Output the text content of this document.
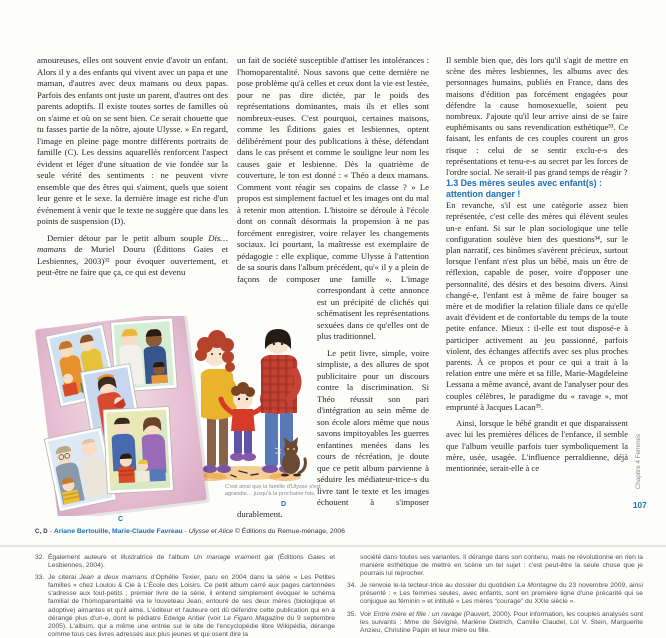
amoureuses, elles ont souvent envie d'avoir un enfant. Alors il y a des enfants qui vivent avec un papa et une maman, d'autres avec deux mamans ou deux papas. Parfois des enfants ont juste un parent, d'autres ont des parents adoptifs. Il existe toutes sortes de familles où on s'aime et où on se sent bien. Ce serait chouette que tu fasses partie de la nôtre, ajoute Ulysse. » En regard, l'image en pleine page montre différents portraits de famille (C). Les dessins aquarellés renforcent l'aspect évident et léger d'une situation de vie fondée sur la seule vérité des sentiments : ne peuvent vivre ensemble que des êtres qui s'aiment, quels que soient leur genre et le sexe. la dernière image est riche d'un événement à venir que le texte ne suggère que dans les points de suspension (D).

Dernier détour par le petit album souple Dis… mamans de Muriel Douru (Éditions Gaies et Lesbiennes, 2003)³² pour évoquer ouvertement, et peut-être ne faire que ça, ce qui est devenu

un fait de société susceptible d'attiser les intolérances : l'homoparentalité. Nous savons que cette dernière ne pose problème qu'à celles et ceux dont la vie est lestée, pour ne pas dire dictée, par le poids des représentations dominantes, mais ils et elles sont nombreux-euses. C'est pourquoi, certaines maisons, comme les Éditions gaies et lesbiennes, optent délibérément pour des publications à thèse, défendant dans le cas présent et comme le souligne leur nom les causes gaie et lesbienne. Dès la quatrième de couverture, le ton est donné : « Théo a deux mamans. Comment vont réagir ses copains de classe ? » Le propos est simplement factuel et les images ont du mal à retenir mon attention. L'histoire se déroule à l'école dont on connaît désormais la propension à ne pas forcément enregistrer, voire relayer les changements sociaux. Ici pourtant, la maîtresse est exemplaire de pédagogie : elle explique, comme Ulysse à l'attention de sa souris dans l'album précédent, qu'« il y a plein de façons de composer une famille ».
C'est ainsi que la famille d'Ulysse s'est agrandie… jusqu'à la prochaine fois.
D
L'image correspondant à cette annonce est un précipité de clichés qui schématisent les représentations sexuées dans ce qu'elles ont de plus traditionnel.

Le petit livre, simple, voire simpliste, a des allures de spot publicitaire pour un discours contre la discrimination. Si Théo réussit son pari d'intégration au sein même de son école alors même que nous savons impitoyables les guerres enfantines menées dans les cours de récréation, je doute que ce petit album parvienne à séduire les médiateur-trice-s du livre tant le texte et les images échouent à s'imposer durablement.

Il semble bien que, dès lors qu'il s'agit de mettre en scène des mères lesbiennes, les albums avec des personnages humains, publiés en France, dans des maisons d'édition pas forcément engagées pour défendre la cause homosexuelle, soient peu nombreux. J'ajoute qu'il leur arrive ainsi de se faire euphémisants ou sans revendication esthétique³³. Ce faisant, les enfants de ces couples courent un gros risque : celui de se sentir exclu-e-s des représentations et tenu-e-s au secret par les forces de l'ordre social. Ne serait-il pas grand temps de réagir ?

1.3 Des mères seules avec enfant(s) : attention danger !

En revanche, s'il est une catégorie assez bien représentée, c'est celle des mères qui élèvent seules un-e enfant. Si sur le plan sociologique une telle configuration soulève bien des questions³⁴, sur le plan narratif, ces binômes s'avèrent précieux, surtout lorsque l'enfant n'est plus un bébé, mais un être de réflexion, capable de poser, voire d'opposer une personnalité, des désirs et des besoins divers. Ainsi changé-e, l'enfant est à même de faire bouger sa mère et de modifier la relation filiale dans ce qu'elle avait d'évident et de confortable du temps de la toute petite enfance. Mieux : il-elle est tout disposé-e à participer activement au jeu passionné, parfois violent, des échanges affectifs avec ses plus proches parents. À ce propos et pour ce qui a trait à la relation entre une mère et sa fille, Marie-Magdeleine Lessana a même avancé, avant de l'analyser pour des couples célèbres, le paradigme du « ravage », mot emprunté à Jacques Lacan³⁵.

Ainsi, lorsque le bébé grandit et que disparaissent avec lui les premières délices de l'enfance, il semble que l'album veuille parfois tuer symboliquement la mère, usée, usagée. L'influence perraldienne, déjà mentionnée, serait-elle à ce

C
C, D - Ariane Bertouille, Marie-Claude Favreau - Ulysse et Alice © Éditions du Remue-ménage, 2006
32. Également auteure et illustratrice de l'album Un mariage vraiment gai (Éditions Gaies et Lesbiennes, 2004).
33. Je citerai Jean a deux mamans d'Ophélie Texier, paru en 2004 dans la série « Les Petites familles » chez Loulou & Cie à L'École des Loisirs. Ce petit album carré aux pages cartonnées s'adresse aux tout-petits ; premier livre de la série, il entend simplement évoquer le schéma familial de l'homoparentalité via le louveteau Jean, entouré de ses deux mères (biologique et adoptive) aimantes et qu'il aime. L'éditeur et l'auteure ont dû défendre cette publication qui en a dérangé plus d'un-e, dont le pédiatre Edwige Antier (voir Le Figaro Magazine du 9 septembre 2005). L'album, qui a même une entrée sur le site de l'encyclopédie libre Wikipédia, dérange comme tous ces livres adressés aux plus jeunes et qui osent dire la
société dans toutes ses variantes. Il dérange dans son contenu, mais ne révolutionne en rien la manière esthétique de mettre en scène un tel sujet : c'est peut-être la seule chose que je pourrais lui reprocher.
34. Je renvoie le-la lecteur-trice au dossier du quotidien La Montagne du 23 novembre 2009, ainsi présenté : « Les femmes seules, avec enfants, sont en première ligne d'une précarité qui se conjugue au féminin » et intitulé « Les mères “courage” du XXIe siècle ».
35. Voir Entre mère et fille : un ravage (Pauvert, 2000). Pour information, les couples analysés sont les suivants : Mme de Sévigné, Marlène Dietrich, Camille Claudel, Lol V. Stein, Marguerite Anzieu, Christine Papin et leur mère ou fille.
Chapitre 4 Femmes
107
